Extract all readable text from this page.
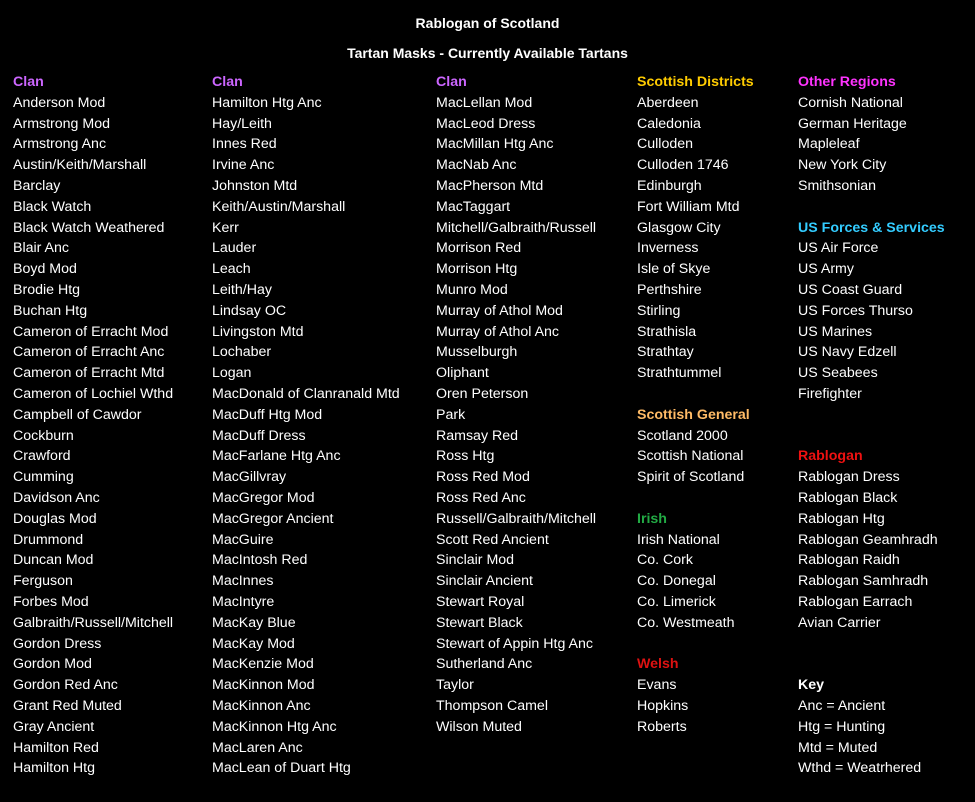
Rablogan of Scotland
Tartan Masks - Currently Available Tartans
Clan
Anderson Mod
Armstrong Mod
Armstrong Anc
Austin/Keith/Marshall
Barclay
Black Watch
Black Watch Weathered
Blair Anc
Boyd Mod
Brodie Htg
Buchan Htg
Cameron of Erracht Mod
Cameron of Erracht Anc
Cameron of Erracht Mtd
Cameron of Lochiel Wthd
Campbell of Cawdor
Cockburn
Crawford
Cumming
Davidson Anc
Douglas Mod
Drummond
Duncan Mod
Ferguson
Forbes Mod
Galbraith/Russell/Mitchell
Gordon Dress
Gordon Mod
Gordon Red Anc
Grant Red Muted
Gray Ancient
Hamilton Red
Hamilton Htg
Clan
Hamilton Htg Anc
Hay/Leith
Innes Red
Irvine Anc
Johnston Mtd
Keith/Austin/Marshall
Kerr
Lauder
Leach
Leith/Hay
Lindsay OC
Livingston Mtd
Lochaber
Logan
MacDonald of Clanranald Mtd
MacDuff Htg Mod
MacDuff Dress
MacFarlane Htg Anc
MacGillvray
MacGregor Mod
MacGregor Ancient
MacGuire
MacIntosh Red
MacInnes
MacIntyre
MacKay Blue
MacKay Mod
MacKenzie Mod
MacKinnon Mod
MacKinnon Anc
MacKinnon Htg Anc
MacLaren Anc
MacLean of Duart Htg
Clan
MacLellan Mod
MacLeod Dress
MacMillan Htg Anc
MacNab Anc
MacPherson Mtd
MacTaggart
Mitchell/Galbraith/Russell
Morrison Red
Morrison Htg
Munro Mod
Murray of Athol Mod
Murray of Athol Anc
Musselburgh
Oliphant
Oren Peterson
Park
Ramsay Red
Ross Htg
Ross Red Mod
Ross Red Anc
Russell/Galbraith/Mitchell
Scott Red Ancient
Sinclair Mod
Sinclair Ancient
Stewart Royal
Stewart Black
Stewart of Appin Htg Anc
Sutherland Anc
Taylor
Thompson Camel
Wilson Muted
Scottish Districts
Aberdeen
Caledonia
Culloden
Culloden 1746
Edinburgh
Fort William Mtd
Glasgow City
Inverness
Isle of Skye
Perthshire
Stirling
Strathisla
Strathtay
Strathtummel
Scottish General
Scotland 2000
Scottish National
Spirit of Scotland
Irish
Irish National
Co. Cork
Co. Donegal
Co. Limerick
Co. Westmeath
Welsh
Evans
Hopkins
Roberts
Other Regions
Cornish National
German Heritage
Mapleleaf
New York City
Smithsonian
US Forces & Services
US Air Force
US Army
US Coast Guard
US Forces Thurso
US Marines
US Navy Edzell
US Seabees
Firefighter
Rablogan
Rablogan Dress
Rablogan Black
Rablogan Htg
Rablogan Geamhradh
Rablogan Raidh
Rablogan Samhradh
Rablogan Earrach
Avian Carrier
Key
Anc = Ancient
Htg = Hunting
Mtd = Muted
Wthd = Weatrhered
